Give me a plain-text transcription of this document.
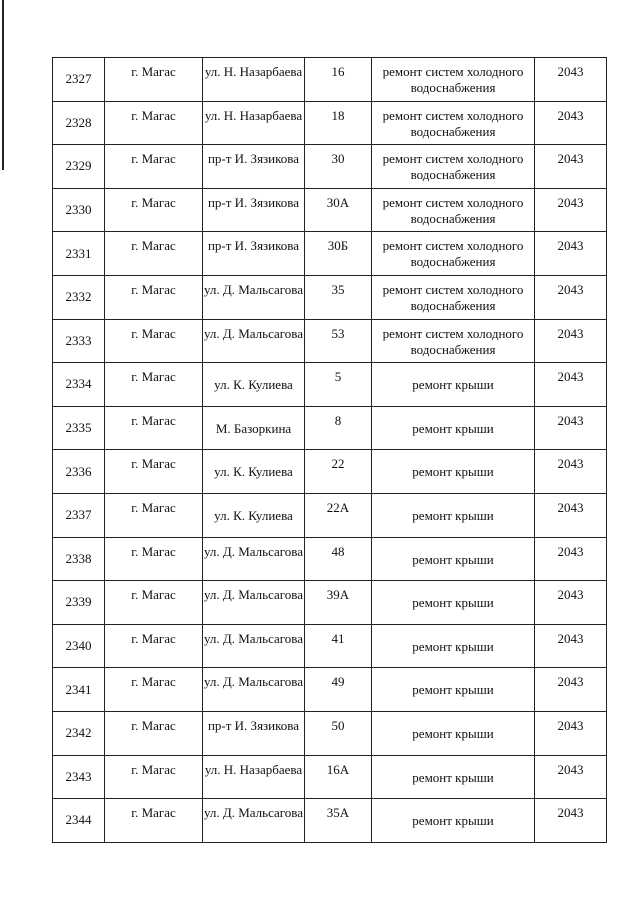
2327	г. Магас	ул. Н. Назарбаева	16	ремонт систем холодного водоснабжения	2043
2328	г. Магас	ул. Н. Назарбаева	18	ремонт систем холодного водоснабжения	2043
2329	г. Магас	пр-т И. Зязикова	30	ремонт систем холодного водоснабжения	2043
2330	г. Магас	пр-т И. Зязикова	30А	ремонт систем холодного водоснабжения	2043
2331	г. Магас	пр-т И. Зязикова	30Б	ремонт систем холодного водоснабжения	2043
2332	г. Магас	ул. Д. Мальсагова	35	ремонт систем холодного водоснабжения	2043
2333	г. Магас	ул. Д. Мальсагова	53	ремонт систем холодного водоснабжения	2043
2334	г. Магас	ул. К. Кулиева	5	ремонт крыши	2043
2335	г. Магас	М. Базоркина	8	ремонт крыши	2043
2336	г. Магас	ул. К. Кулиева	22	ремонт крыши	2043
2337	г. Магас	ул. К. Кулиева	22А	ремонт крыши	2043
2338	г. Магас	ул. Д. Мальсагова	48	ремонт крыши	2043
2339	г. Магас	ул. Д. Мальсагова	39А	ремонт крыши	2043
2340	г. Магас	ул. Д. Мальсагова	41	ремонт крыши	2043
2341	г. Магас	ул. Д. Мальсагова	49	ремонт крыши	2043
2342	г. Магас	пр-т И. Зязикова	50	ремонт крыши	2043
2343	г. Магас	ул. Н. Назарбаева	16А	ремонт крыши	2043
2344	г. Магас	ул. Д. Мальсагова	35А	ремонт крыши	2043
